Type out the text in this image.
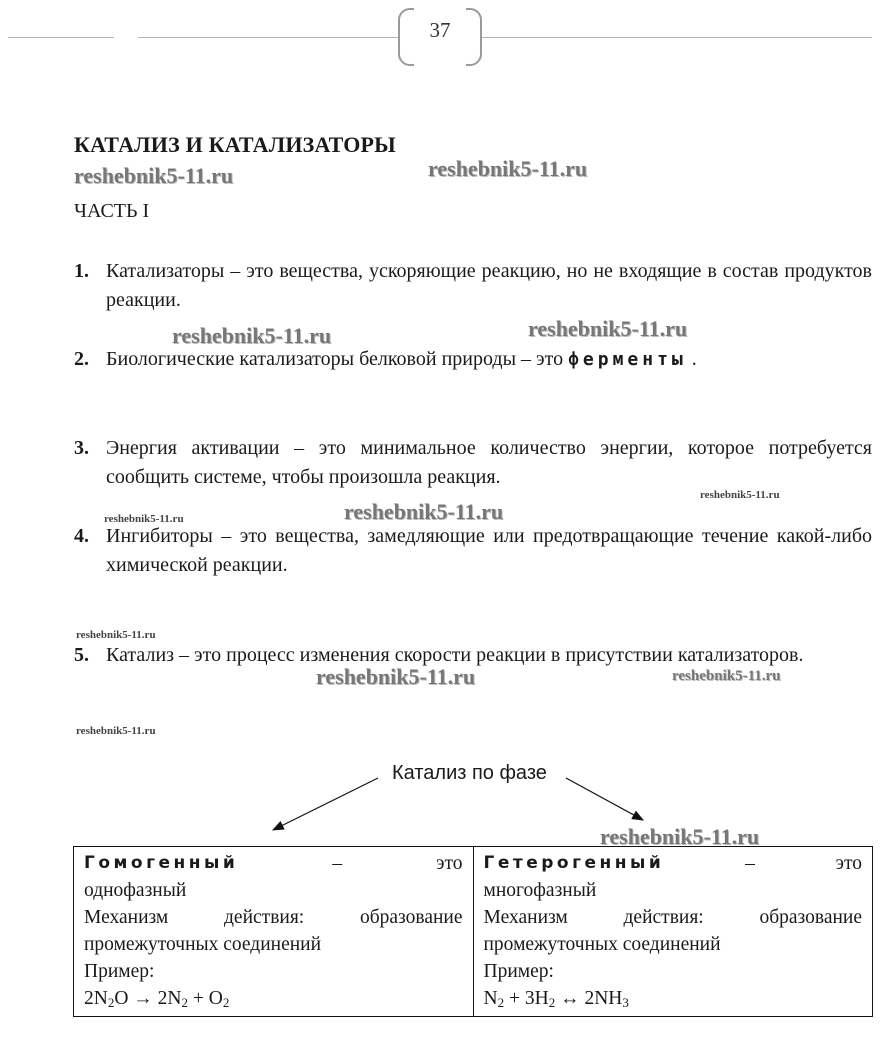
37
КАТАЛИЗ И КАТАЛИЗАТОРЫ
ЧАСТЬ I
reshebnik5-11.ru	reshebnik5-11.ru
reshebnik5-11.ru	reshebnik5-11.ru
reshebnik5-11.ru
reshebnik5-11.ru	reshebnik5-11.ru
reshebnik5-11.ru
reshebnik5-11.ru	reshebnik5-11.ru
reshebnik5-11.ru
reshebnik5-11.ru
1. Катализаторы – это вещества, ускоряющие реакцию, но не входящие в состав продуктов реакции.
2. Биологические катализаторы белковой природы – это ферменты .
3. Энергия активации – это минимальное количество энергии, которое потребуется сообщить системе, чтобы произошла реакция.
4. Ингибиторы – это вещества, замедляющие или предотвращающие течение какой-либо химической реакции.
5. Катализ – это процесс изменения скорости реакции в присутствии катализаторов.
Катализ по фазе
Гомогенный	–	это
однофазный
Механизм действия: образование промежуточных соединений
Пример:
$2N_2O \to 2N_2 + O_2$

Гетерогенный	–	это
многофазный
Механизм действия: образование промежуточных соединений
Пример:
$N_2 + 3H_2$ ↔ $2NH_3$
